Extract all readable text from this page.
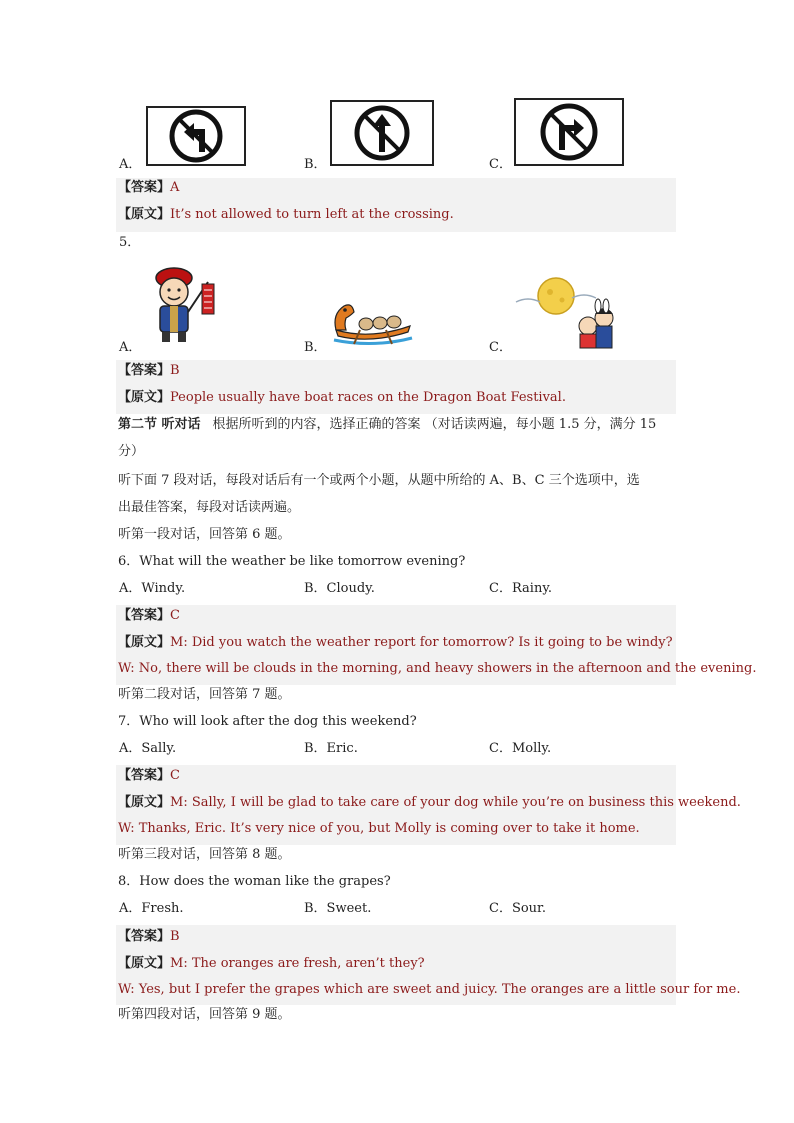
A．	B．	C．
【答案】A
【原文】It’s not allowed to turn left at the crossing.
5．
A．	B．	C．
【答案】B
【原文】People usually have boat races on the Dragon Boat Festival.
第二节 听对话 根据所听到的内容，选择正确的答案 （对话读两遍，每小题 1.5 分，满分 15
分）
听下面 7 段对话，每段对话后有一个或两个小题，从题中所给的 A、B、C 三个选项中，选
出最佳答案，每段对话读两遍。
听第一段对话，回答第 6 题。
6．What will the weather be like tomorrow evening?
A．Windy.	B．Cloudy.	C．Rainy.
【答案】C
【原文】M: Did you watch the weather report for tomorrow? Is it going to be windy?
W: No, there will be clouds in the morning, and heavy showers in the afternoon and the evening.
听第二段对话，回答第 7 题。
7．Who will look after the dog this weekend?
A．Sally.	B．Eric.	C．Molly.
【答案】C
【原文】M: Sally, I will be glad to take care of your dog while you’re on business this weekend.
W: Thanks, Eric. It’s very nice of you, but Molly is coming over to take it home.
听第三段对话，回答第 8 题。
8．How does the woman like the grapes?
A．Fresh.	B．Sweet.	C．Sour.
【答案】B
【原文】M: The oranges are fresh, aren’t they?
W: Yes, but I prefer the grapes which are sweet and juicy. The oranges are a little sour for me.
听第四段对话，回答第 9 题。
